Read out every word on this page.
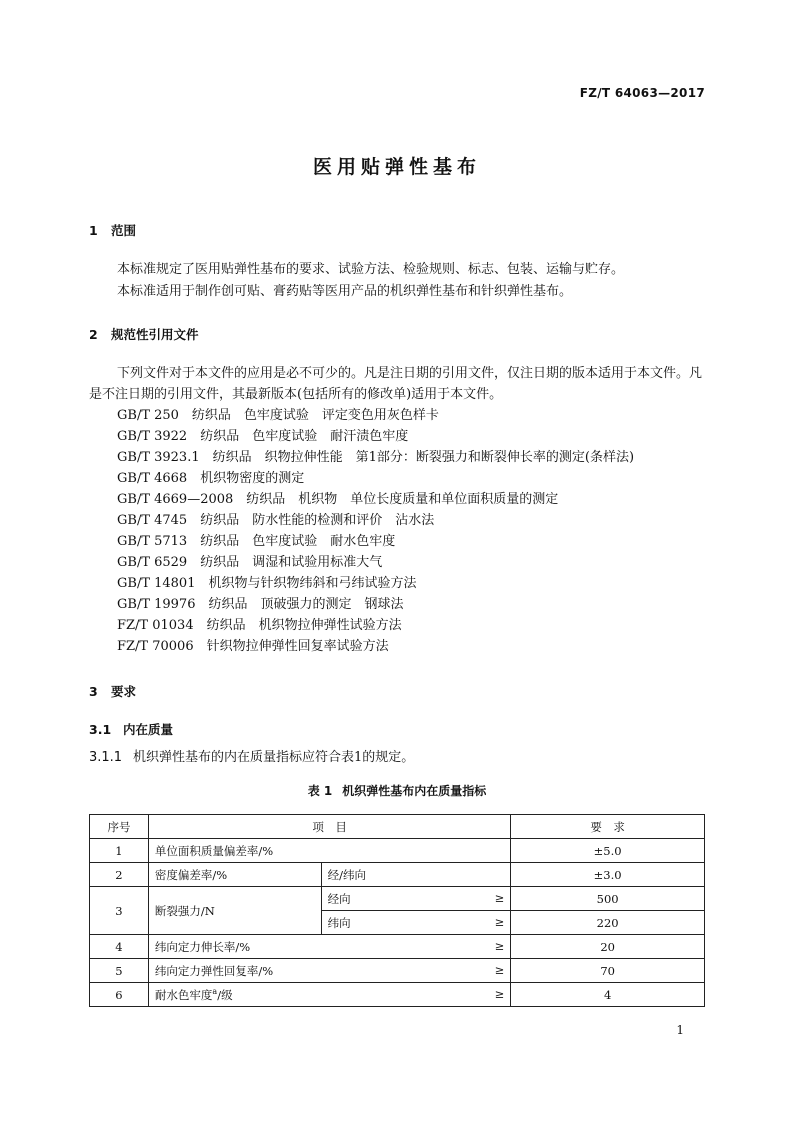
FZ/T 64063—2017
医用贴弹性基布
1 范围
本标准规定了医用贴弹性基布的要求、试验方法、检验规则、标志、包装、运输与贮存。
本标准适用于制作创可贴、膏药贴等医用产品的机织弹性基布和针织弹性基布。
2 规范性引用文件
下列文件对于本文件的应用是必不可少的。凡是注日期的引用文件，仅注日期的版本适用于本文件。凡是不注日期的引用文件，其最新版本(包括所有的修改单)适用于本文件。
GB/T 250　纺织品　色牢度试验　评定变色用灰色样卡
GB/T 3922　纺织品　色牢度试验　耐汗渍色牢度
GB/T 3923.1　纺织品　织物拉伸性能　第1部分：断裂强力和断裂伸长率的测定(条样法)
GB/T 4668　机织物密度的测定
GB/T 4669—2008　纺织品　机织物　单位长度质量和单位面积质量的测定
GB/T 4745　纺织品　防水性能的检测和评价　沾水法
GB/T 5713　纺织品　色牢度试验　耐水色牢度
GB/T 6529　纺织品　调湿和试验用标准大气
GB/T 14801　机织物与针织物纬斜和弓纬试验方法
GB/T 19976　纺织品　顶破强力的测定　钢球法
FZ/T 01034　纺织品　机织物拉伸弹性试验方法
FZ/T 70006　针织物拉伸弹性回复率试验方法
3 要求
3.1 内在质量
3.1.1 机织弹性基布的内在质量指标应符合表1的规定。
表 1 机织弹性基布内在质量指标
序号	项　目		要　求
1	单位面积质量偏差率/%		±5.0
2	密度偏差率/%	经/纬向	±3.0
3	断裂强力/N	经向 ≥	500
		纬向 ≥	220
4	纬向定力伸长率/% ≥		20
5	纬向定力弹性回复率/% ≥		70
6	耐水色牢度$^a$/级 ≥		4
1
